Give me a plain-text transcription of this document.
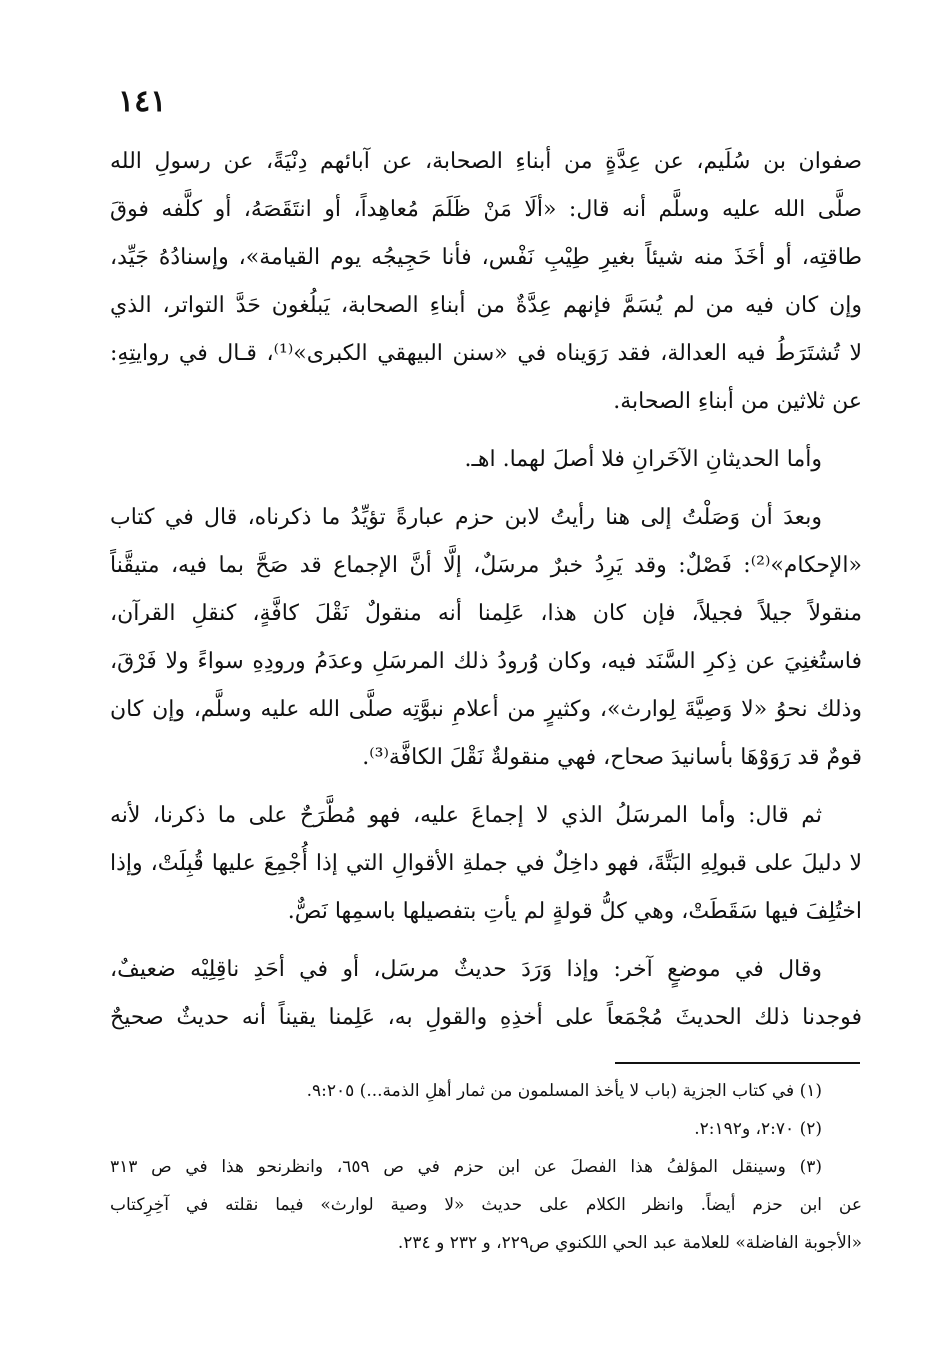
١٤١
صفوان بن سُلَيم، عن عِدَّةٍ من أبناءِ الصحابة، عن آبائهم دِنْيَةً، عن رسولِ الله
صلَّى الله عليه وسلَّم أنه قال: «ألَا مَنْ ظَلَمَ مُعاهِداً، أو انتَقَصَهُ، أو كلَّفه فوقَ
طاقتِه، أو أخَذَ منه شيئاً بغيرِ طِيْبِ نَفْس، فأنا حَجِيجُه يوم القيامة»، وإسنادُهُ جَيِّد،
وإن كان فيه من لم يُسَمَّ فإنهم عِدَّةٌ من أبناءِ الصحابة، يَبلُغون حَدَّ التواتر، الذي
لا تُشتَرَطُ فيه العدالة، فقد رَوَيناه في «سنن البيهقي الكبرى»⁽¹⁾، قـال في روايتِهِ:
عن ثلاثين من أبناءِ الصحابة.
وأما الحديثانِ الآخَرانِ فلا أصلَ لهما. اهـ.
وبعدَ أن وَصَلْتُ إلى هنا رأيتُ لابن حزم عبارةً تؤيِّدُ ما ذكرناه، قال في كتاب
«الإحكام»⁽²⁾: فَصْلٌ: وقد يَرِدُ خبرٌ مرسَلٌ، إلَّا أنَّ الإجماع قد صَحَّ بما فيه، متيقَّناً
منقولاً جيلاً فجيلاً، فإن كان هذا، عَلِمنا أنه منقولٌ نَقْلَ كافَّةٍ، كنقلِ القرآن،
فاستُغنِيَ عن ذِكرِ السَّنَد فيه، وكان وُرودُ ذلك المرسَلِ وعدَمُ ورودِهِ سواءً ولا فَرْقَ،
وذلك نحوُ «لا وَصِيَّةَ لِوارث»، وكثيرٍ من أعلامِ نبوَّتِه صلَّى الله عليه وسلَّم، وإن كان
قومٌ قد رَوَوْهَا بأسانيدَ صحاح، فهي منقولةٌ نَقْلَ الكافَّة⁽³⁾.
ثم قال: وأما المرسَلُ الذي لا إجماعَ عليه، فهو مُطَّرَحٌ على ما ذكرنا، لأنه
لا دليلَ على قبولِهِ البَتَّةَ، فهو داخِلٌ في جملةِ الأقوالِ التي إذا أُجْمِعَ عليها قُبِلَتْ، وإذا
اختُلِفَ فيها سَقَطَتْ، وهي كلُّ قولةٍ لم يأتِ بتفصيلها باسمِها نَصٌّ.
وقال في موضعٍ آخر: وإذا وَرَدَ حديثٌ مرسَل، أو في أحَدِ ناقِلِيْه ضعيفٌ،
فوجدنا ذلك الحديثَ مُجْمَعاً على أخذِهِ والقولِ به، عَلِمنا يقيناً أنه حديثٌ صحيحٌ
(١) في كتاب الجزية (باب لا يأخذ المسلمون من ثمار أهلِ الذمة...) ٩:٢٠٥.
(٢) ٢:٧٠، و٢:١٩٢.
(٣) وسينقل المؤلفُ هذا الفصلَ عن ابن حزم في ص ٦٥٩، وانظرنحو هذا في ص ٣١٣
عن ابن حزم أيضاً. وانظر الكلام على حديث «لا وصية لوارث» فيما نقلته في آخِرِكتاب
«الأجوبة الفاضلة» للعلامة عبد الحي اللكنوي ص٢٢٩، و ٢٣٢ و ٢٣٤.
